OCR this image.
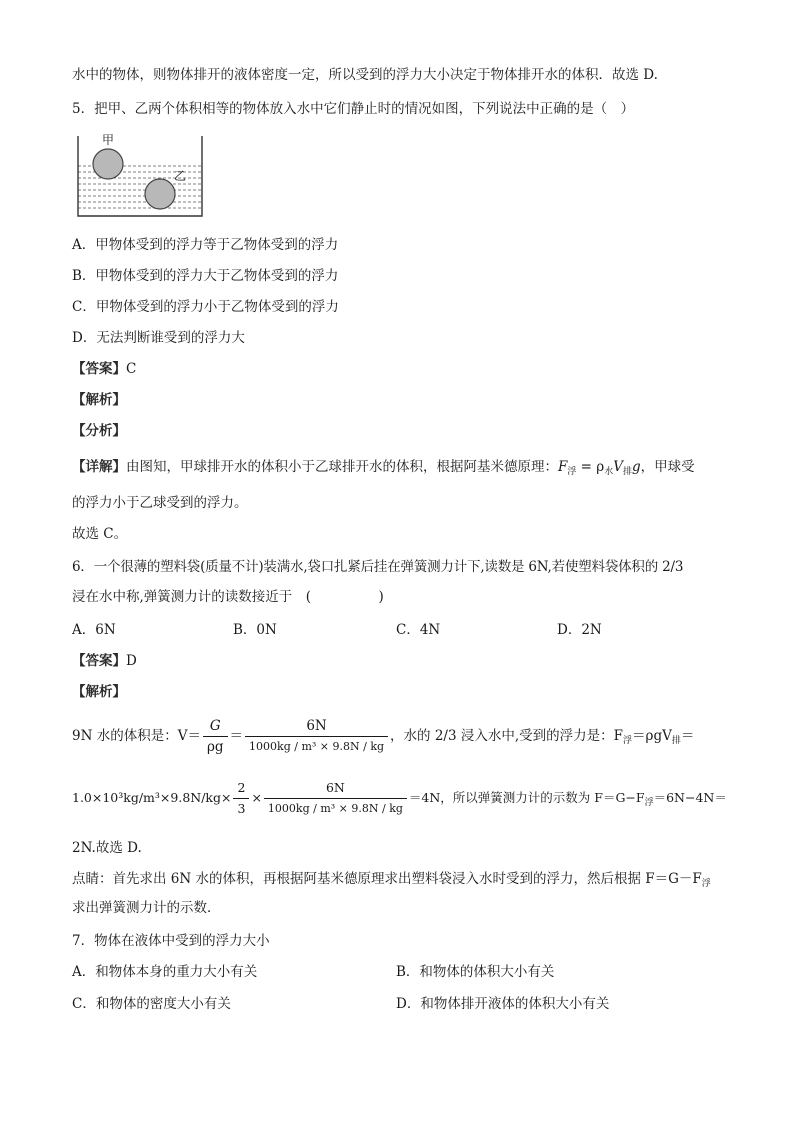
水中的物体，则物体排开的液体密度一定，所以受到的浮力大小决定于物体排开水的体积．故选 D.
5．把甲、乙两个体积相等的物体放入水中它们静止时的情况如图，下列说法中正确的是（　）
甲
乙
A．甲物体受到的浮力等于乙物体受到的浮力
B．甲物体受到的浮力大于乙物体受到的浮力
C．甲物体受到的浮力小于乙物体受到的浮力
D．无法判断谁受到的浮力大
【答案】C
【解析】
【分析】
【详解】由图知，甲球排开水的体积小于乙球排开水的体积，根据阿基米德原理：$F_浮 = \rho_水V_排g$，甲球受
的浮力小于乙球受到的浮力。
故选 C。
6．一个很薄的塑料袋(质量不计)装满水,袋口扎紧后挂在弹簧测力计下,读数是 6N,若使塑料袋体积的 2/3
浸在水中称,弹簧测力计的读数接近于　(　　　　　)
A．6N	B．0N	C．4N	D．2N
【答案】D
【解析】
9N 水的体积是：$V= \frac{G}{\rho g} = \frac{6N}{\text{1000kg / m³ × 9.8N / kg}}$ ，水的 2/3 浸入水中,受到的浮力是：$F_浮=\rho gV_排=$
$1.0\times 10^3kg/m^3\times 9.8N/kg\times \frac{2}{3} \times \frac{6N}{\text{1000kg / m³ × 9.8N / kg}} =4N$，所以弹簧测力计的示数为 $F=G-F_浮=6N-4N=$
2N.故选 D.
点睛：首先求出 6N 水的体积，再根据阿基米德原理求出塑料袋浸入水时受到的浮力，然后根据 $F=G-F_浮$
求出弹簧测力计的示数．
7．物体在液体中受到的浮力大小
A．和物体本身的重力大小有关	B．和物体的体积大小有关
C．和物体的密度大小有关	D．和物体排开液体的体积大小有关
